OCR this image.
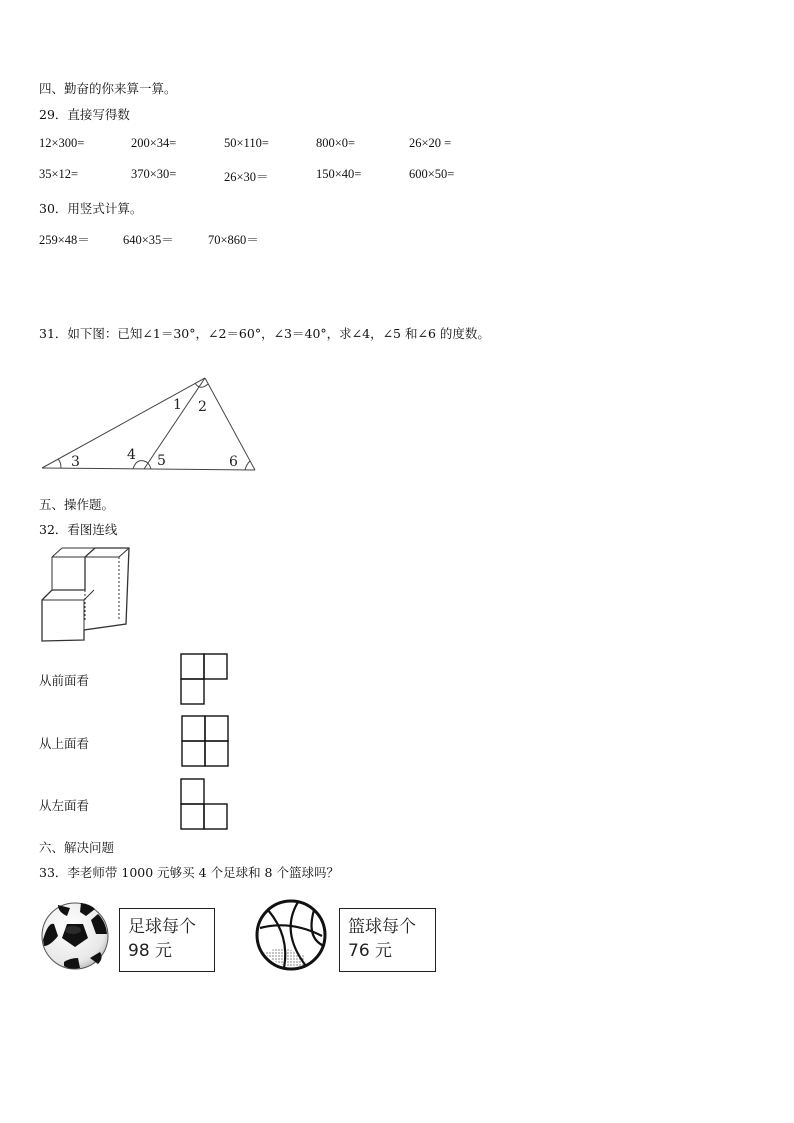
四、勤奋的你来算一算。
29．直接写得数
12×300=	200×34=	50×110=	800×0=	26×20 =
35×12=	370×30=	26×30＝	150×40=	600×50=
30．用竖式计算。
259×48＝	640×35＝	70×860＝
31．如下图：已知∠1＝30°，∠2＝60°，∠3＝40°，求∠4，∠5 和∠6 的度数。
1 2
3	4 5	6
五、操作题。
32．看图连线
从前面看
从上面看
从左面看
六、解决问题
33．李老师带 1000 元够买 4 个足球和 8 个篮球吗？
足球每个
98 元
篮球每个
76 元
